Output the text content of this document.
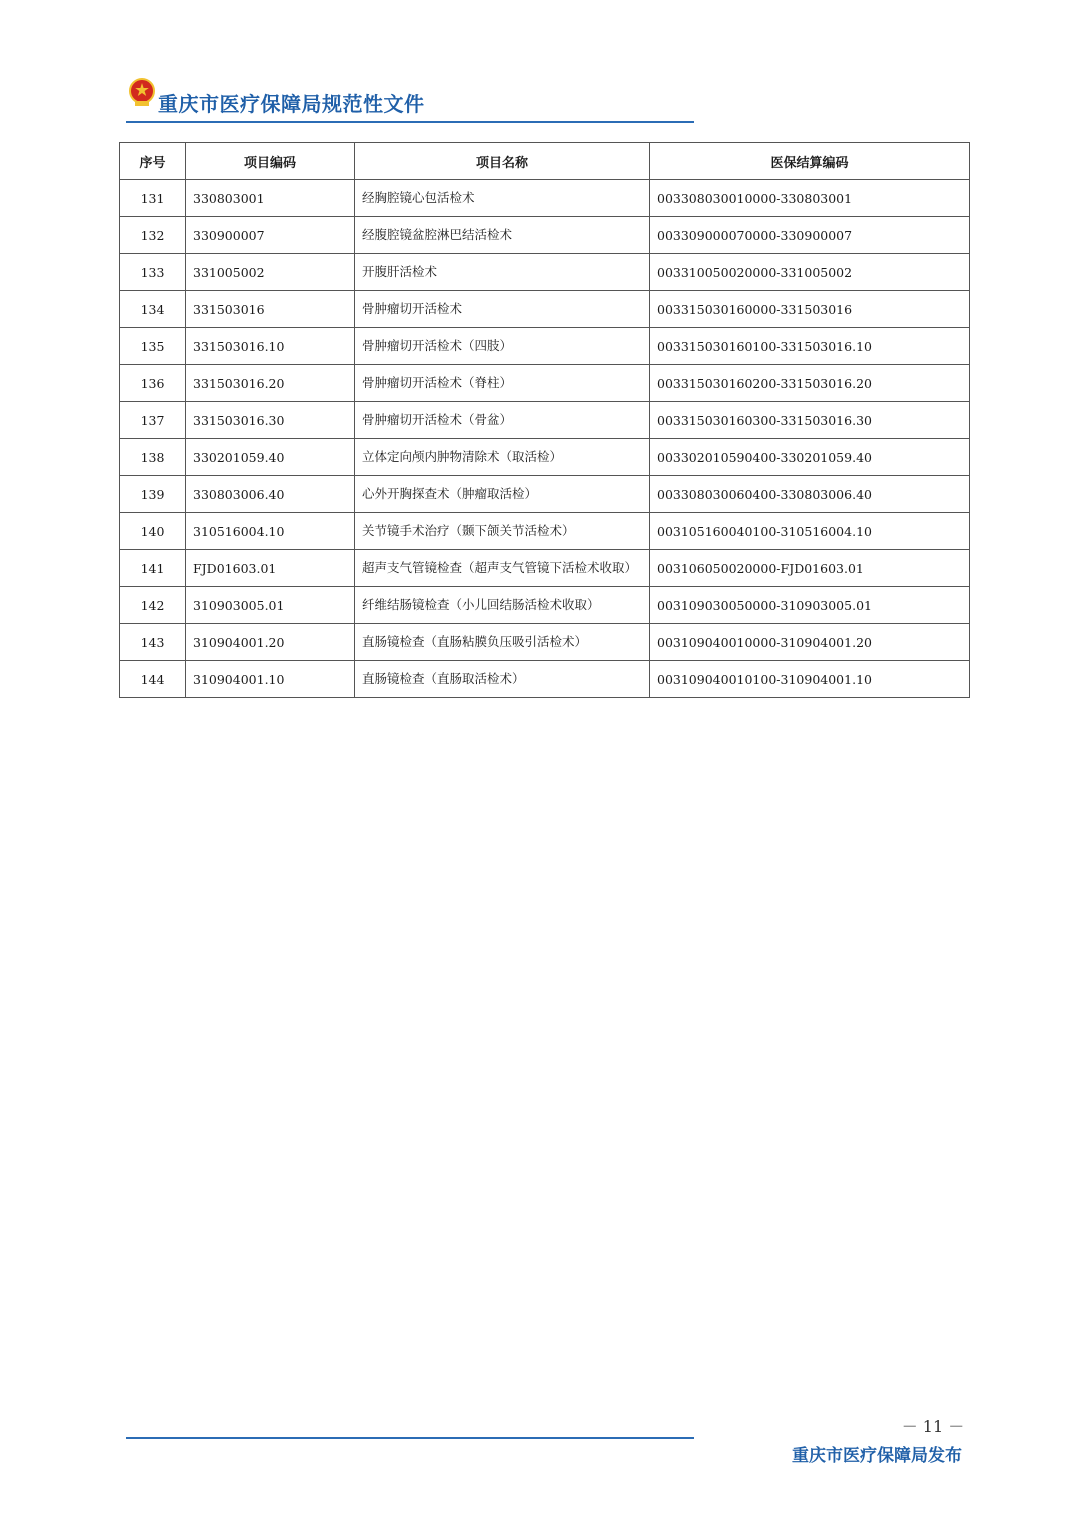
重庆市医疗保障局规范性文件
序号	项目编码	项目名称	医保结算编码
131	330803001	经胸腔镜心包活检术	003308030010000-330803001
132	330900007	经腹腔镜盆腔淋巴结活检术	003309000070000-330900007
133	331005002	开腹肝活检术	003310050020000-331005002
134	331503016	骨肿瘤切开活检术	003315030160000-331503016
135	331503016.10	骨肿瘤切开活检术（四肢）	003315030160100-331503016.10
136	331503016.20	骨肿瘤切开活检术（脊柱）	003315030160200-331503016.20
137	331503016.30	骨肿瘤切开活检术（骨盆）	003315030160300-331503016.30
138	330201059.40	立体定向颅内肿物清除术（取活检）	003302010590400-330201059.40
139	330803006.40	心外开胸探查术（肿瘤取活检）	003308030060400-330803006.40
140	310516004.10	关节镜手术治疗（颞下颌关节活检术）	003105160040100-310516004.10
141	FJD01603.01	超声支气管镜检查（超声支气管镜下活检术收取）	003106050020000-FJD01603.01
142	310903005.01	纤维结肠镜检查（小儿回结肠活检术收取）	003109030050000-310903005.01
143	310904001.20	直肠镜检查（直肠粘膜负压吸引活检术）	003109040010000-310904001.20
144	310904001.10	直肠镜检查（直肠取活检术）	003109040010100-310904001.10
－ 11 －
重庆市医疗保障局发布
